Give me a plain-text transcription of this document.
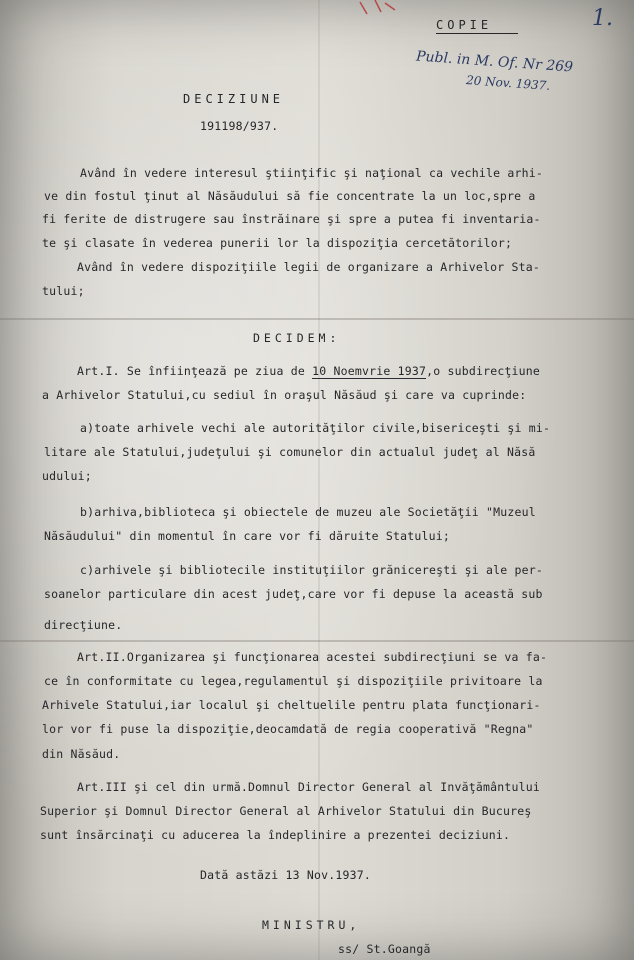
1.
COPIE
Publ. in M. Of. Nr 269
20 Nov. 1937.
DECIZIUNE
191198/937.
Având în vedere interesul ştiinţific şi naţional ca vechile arhi-
ve din fostul ţinut al Năsăudului să fie concentrate la un loc,spre a
fi ferite de distrugere sau înstrăinare şi spre a putea fi inventaria-
te şi clasate în vederea punerii lor la dispoziţia cercetătorilor;
Având în vedere dispoziţiile legii de organizare a Arhivelor Sta-
tului;
DECIDEM:
Art.I. Se înfiinţează pe ziua de 10 Noemvrie 1937,o subdirecţiune
a Arhivelor Statului,cu sediul în oraşul Năsăud şi care va cuprinde:
a)toate arhivele vechi ale autorităţilor civile,bisericeşti şi mi-
litare ale Statului,judeţului şi comunelor din actualul judeţ al Năsă
udului;
b)arhiva,biblioteca şi obiectele de muzeu ale Societăţii "Muzeul
Năsăudului" din momentul în care vor fi dăruite Statului;
c)arhivele şi bibliotecile instituţiilor grănicereşti şi ale per-
soanelor particulare din acest judeţ,care vor fi depuse la această sub
direcţiune.
Art.II.Organizarea şi funcţionarea acestei subdirecţiuni se va fa-
ce în conformitate cu legea,regulamentul şi dispoziţiile privitoare la
Arhivele Statului,iar localul şi cheltuelile pentru plata funcţionari-
lor vor fi puse la dispoziţie,deocamdată de regia cooperativă "Regna"
din Năsăud.
Art.III şi cel din urmă.Domnul Director General al Invăţământului
Superior şi Domnul Director General al Arhivelor Statului din Bucureş
sunt însărcinaţi cu aducerea la îndeplinire a prezentei deciziuni.
Dată astăzi 13 Nov.1937.
MINISTRU,
ss/ St.Goangă
